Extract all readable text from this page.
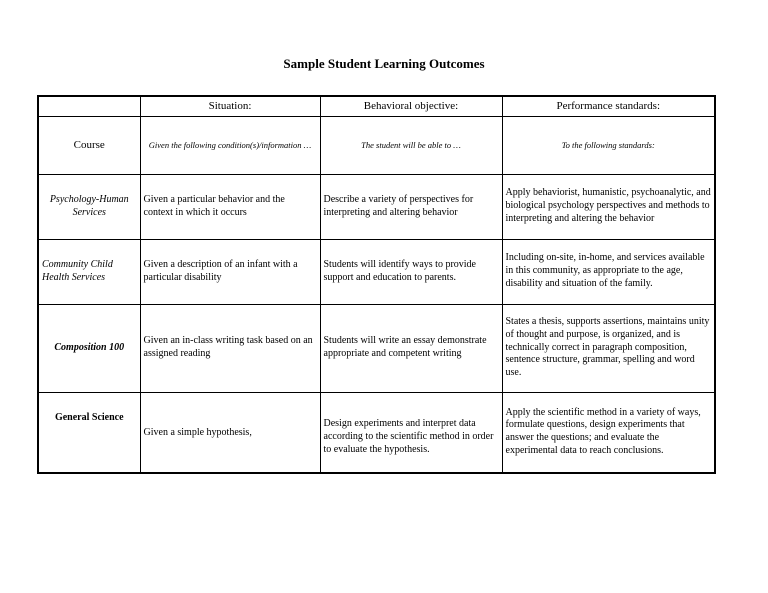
Sample Student Learning Outcomes
	Situation:	Behavioral objective:	Performance standards:
Course	Given the following condition(s)/information …	The student will be able to …	To the following standards:
Psychology-Human Services	Given a particular behavior and the context in which it occurs	Describe a variety of perspectives for interpreting and altering behavior	Apply behaviorist, humanistic, psychoanalytic, and biological psychology perspectives and methods to interpreting and altering the behavior
Community Child Health Services	Given a description of an infant with a particular disability	Students will identify ways to provide support and education to parents.	Including on-site, in-home, and services available in this community, as appropriate to the age, disability and situation of the family.
Composition 100	Given an in-class writing task based on an assigned reading	Students will write an essay demonstrate appropriate and competent writing	States a thesis, supports assertions, maintains unity of thought and purpose, is organized, and is technically correct in paragraph composition, sentence structure, grammar, spelling and word use.
General Science	Given a simple hypothesis,	Design experiments and interpret data according to the scientific method in order to evaluate the hypothesis.	Apply the scientific method in a variety of ways, formulate questions, design experiments that answer the questions; and evaluate the experimental data to reach conclusions.
